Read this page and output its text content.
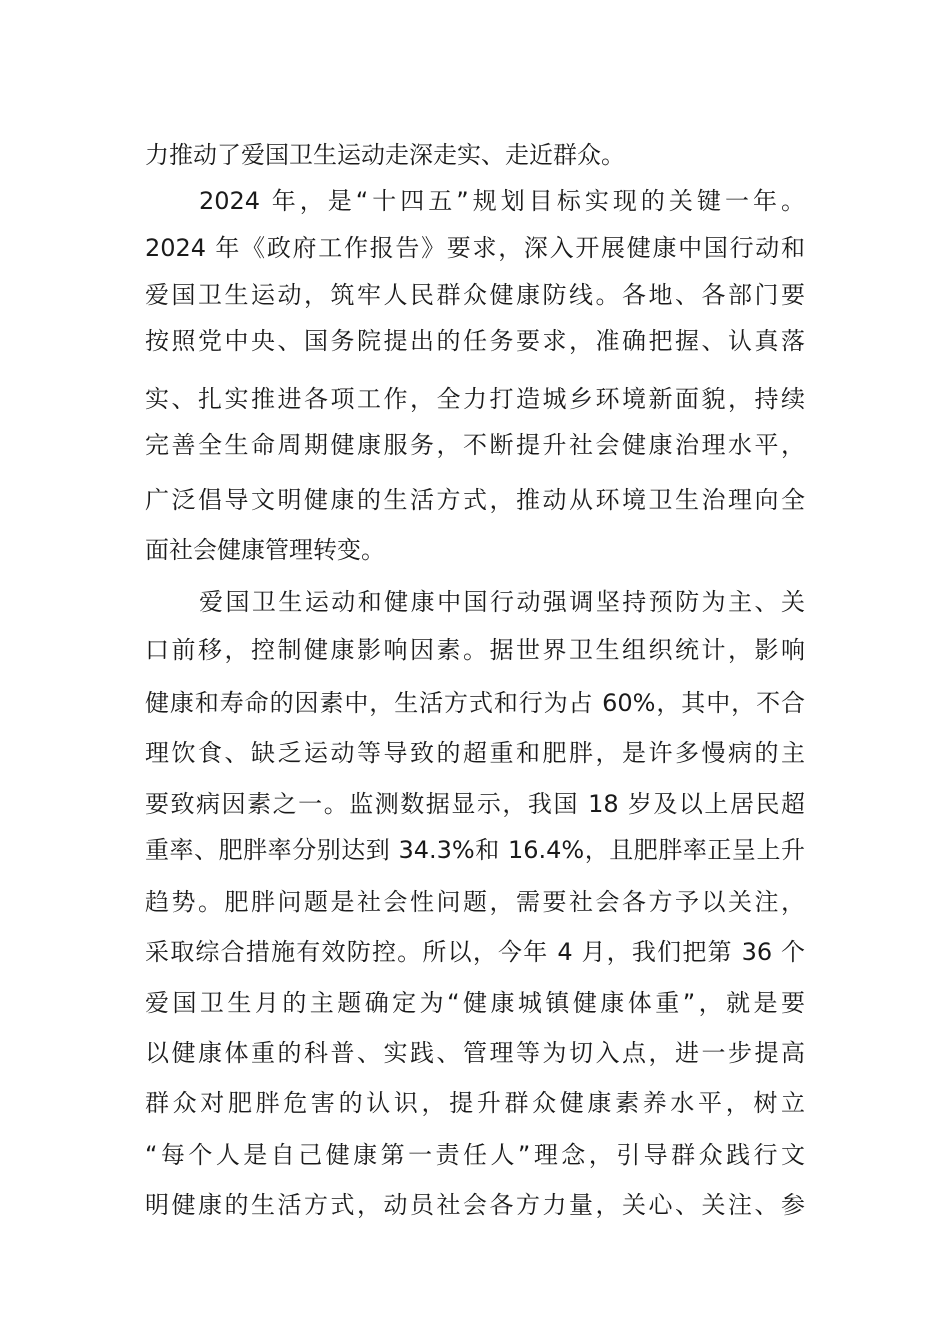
力推动了爱国卫生运动走深走实、走近群众。
2024 年，是“十四五”规划目标实现的关键一年。
2024 年《政府工作报告》要求，深入开展健康中国行动和
爱国卫生运动，筑牢人民群众健康防线。各地、各部门要
按照党中央、国务院提出的任务要求，准确把握、认真落
实、扎实推进各项工作，全力打造城乡环境新面貌，持续
完善全生命周期健康服务，不断提升社会健康治理水平，
广泛倡导文明健康的生活方式，推动从环境卫生治理向全
面社会健康管理转变。
爱国卫生运动和健康中国行动强调坚持预防为主、关
口前移，控制健康影响因素。据世界卫生组织统计，影响
健康和寿命的因素中，生活方式和行为占 60%，其中，不合
理饮食、缺乏运动等导致的超重和肥胖，是许多慢病的主
要致病因素之一。监测数据显示，我国 18 岁及以上居民超
重率、肥胖率分别达到 34.3%和 16.4%，且肥胖率正呈上升
趋势。肥胖问题是社会性问题，需要社会各方予以关注，
采取综合措施有效防控。所以，今年 4 月，我们把第 36 个
爱国卫生月的主题确定为“健康城镇健康体重”，就是要
以健康体重的科普、实践、管理等为切入点，进一步提高
群众对肥胖危害的认识，提升群众健康素养水平，树立
“每个人是自己健康第一责任人”理念，引导群众践行文
明健康的生活方式，动员社会各方力量，关心、关注、参
